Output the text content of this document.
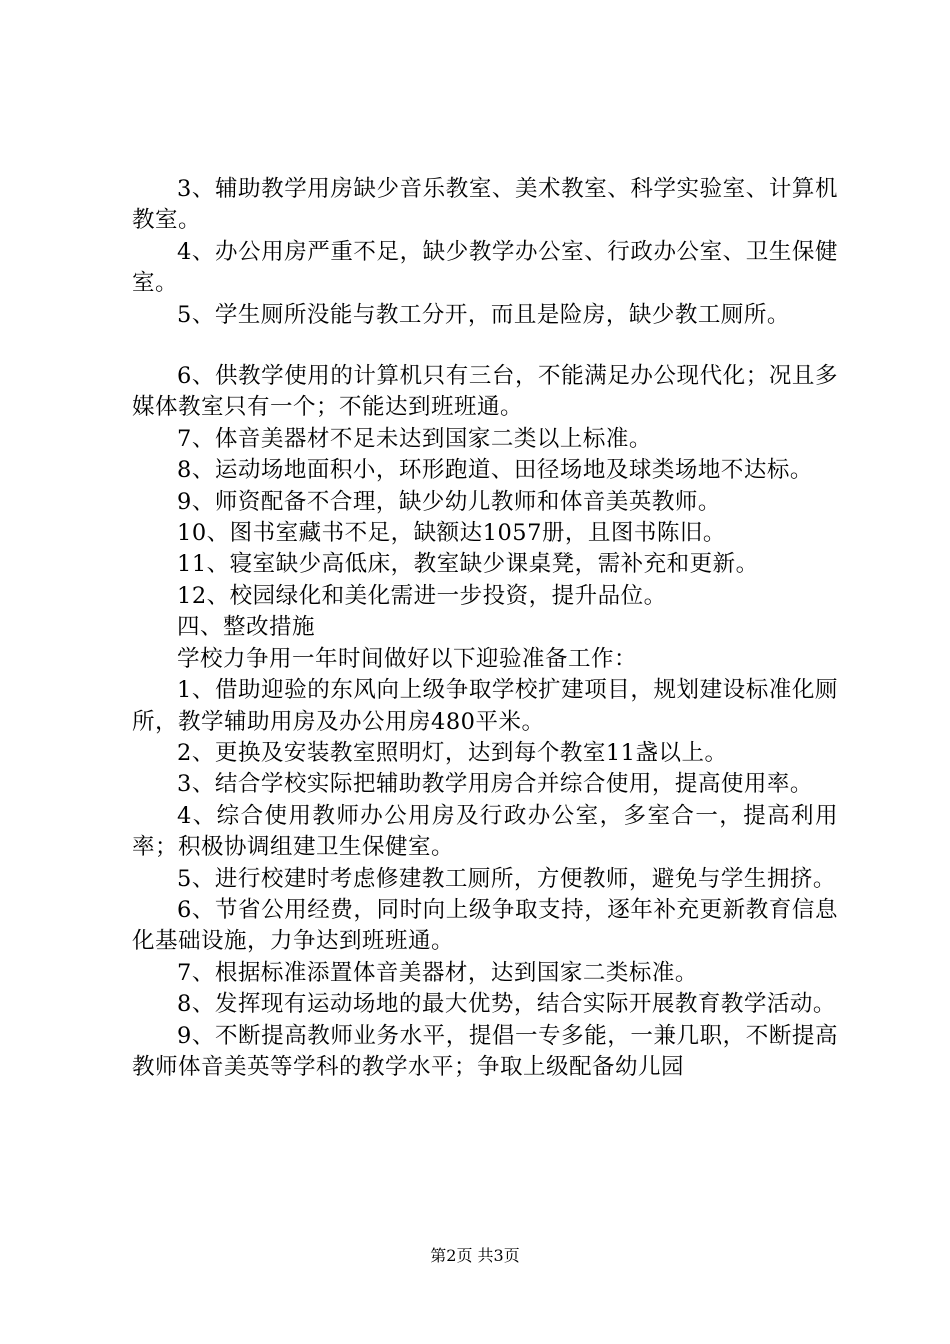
3、辅助教学用房缺少音乐教室、美术教室、科学实验室、计算机教室。

4、办公用房严重不足，缺少教学办公室、行政办公室、卫生保健室。

5、学生厕所没能与教工分开，而且是险房，缺少教工厕所。

6、供教学使用的计算机只有三台，不能满足办公现代化；况且多媒体教室只有一个；不能达到班班通。

7、体音美器材不足未达到国家二类以上标准。

8、运动场地面积小，环形跑道、田径场地及球类场地不达标。

9、师资配备不合理，缺少幼儿教师和体音美英教师。

10、图书室藏书不足，缺额达1057册，且图书陈旧。

11、寝室缺少高低床，教室缺少课桌凳，需补充和更新。

12、校园绿化和美化需进一步投资，提升品位。

四、整改措施

学校力争用一年时间做好以下迎验准备工作：

1、借助迎验的东风向上级争取学校扩建项目，规划建设标准化厕所，教学辅助用房及办公用房480平米。

2、更换及安装教室照明灯，达到每个教室11盏以上。

3、结合学校实际把辅助教学用房合并综合使用，提高使用率。

4、综合使用教师办公用房及行政办公室，多室合一，提高利用率；积极协调组建卫生保健室。

5、进行校建时考虑修建教工厕所，方便教师，避免与学生拥挤。

6、节省公用经费，同时向上级争取支持，逐年补充更新教育信息化基础设施，力争达到班班通。

7、根据标准添置体音美器材，达到国家二类标准。

8、发挥现有运动场地的最大优势，结合实际开展教育教学活动。

9、不断提高教师业务水平，提倡一专多能，一兼几职，不断提高教师体音美英等学科的教学水平；争取上级配备幼儿园

第2页 共3页
